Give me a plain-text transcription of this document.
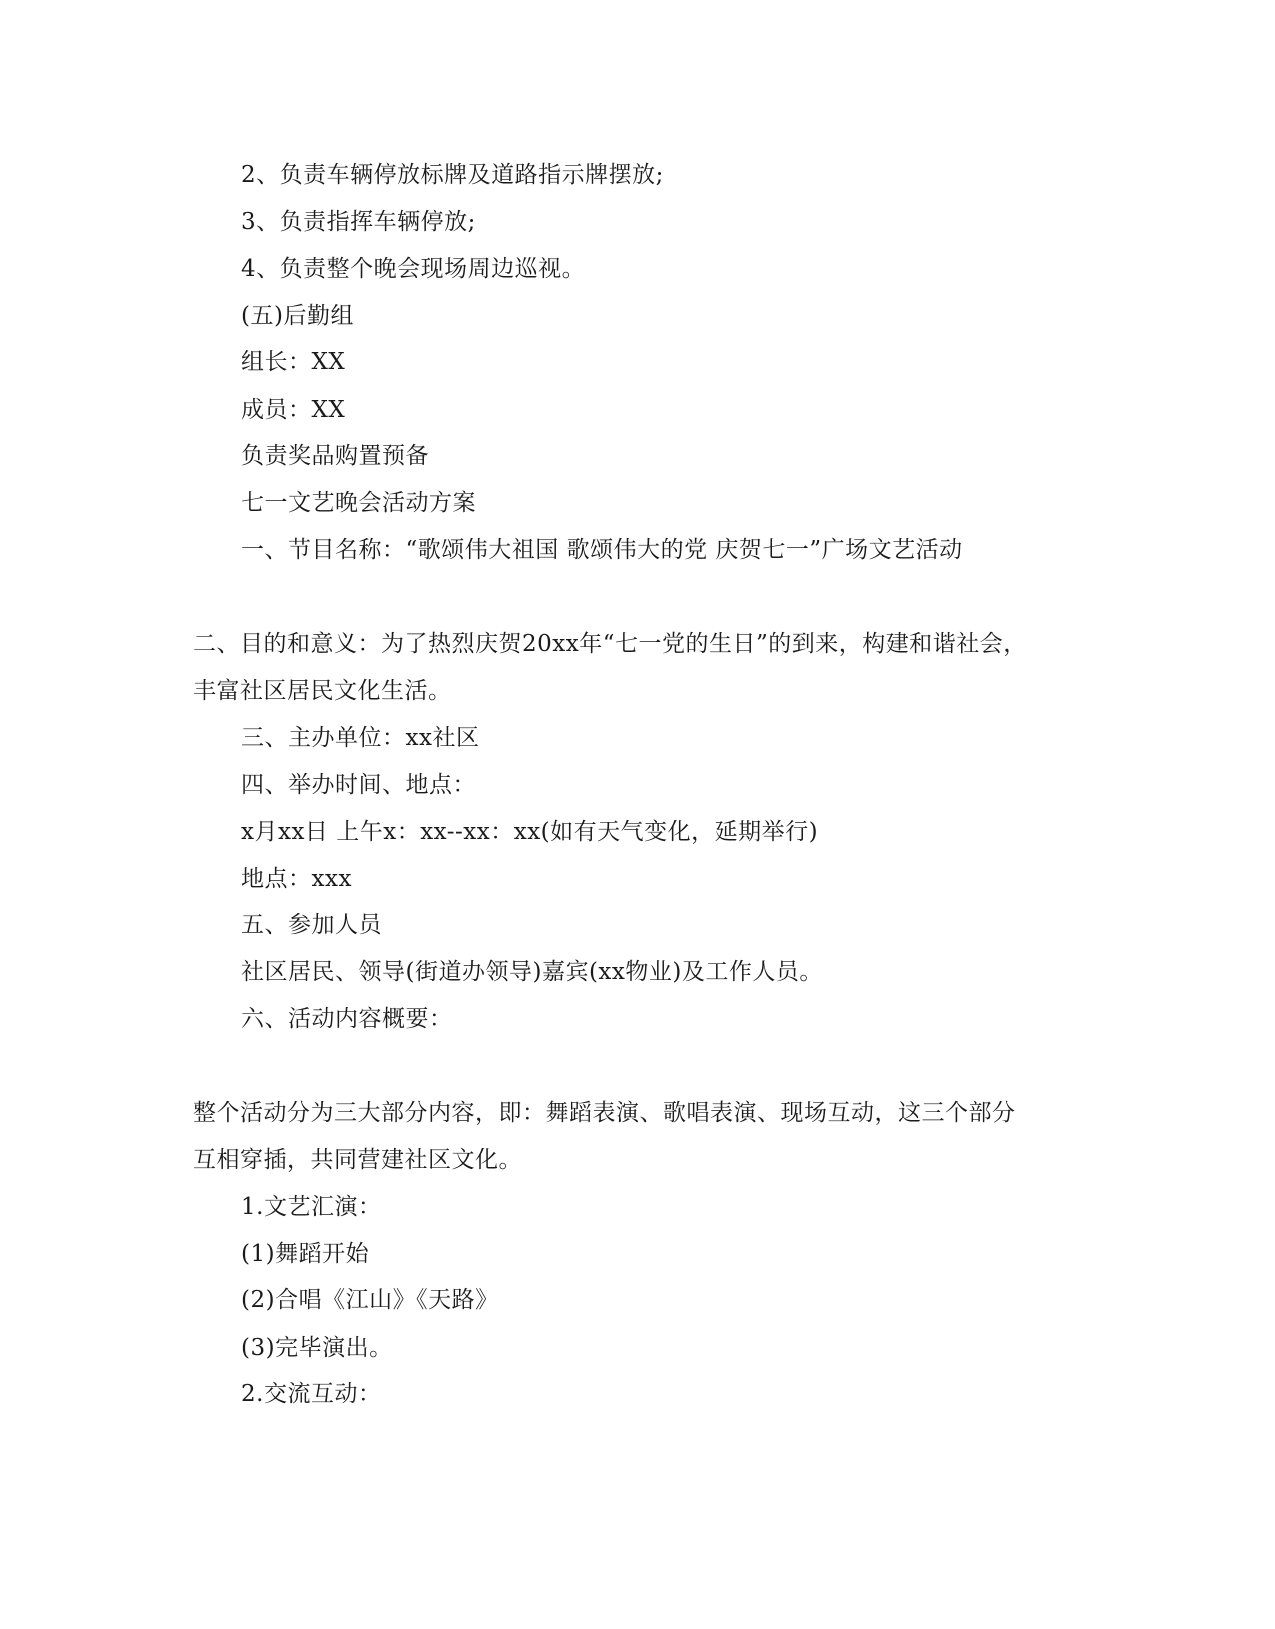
2、负责车辆停放标牌及道路指示牌摆放;
3、负责指挥车辆停放;
4、负责整个晚会现场周边巡视。
(五)后勤组
组长：XX
成员：XX
负责奖品购置预备
七一文艺晚会活动方案
一、节目名称：“歌颂伟大祖国 歌颂伟大的党 庆贺七一”广场文艺活动
二、目的和意义：为了热烈庆贺20xx年“七一党的生日”的到来，构建和谐社会，
丰富社区居民文化生活。
三、主办单位：xx社区
四、举办时间、地点：
x月xx日 上午x：xx--xx：xx(如有天气变化，延期举行)
地点：xxx
五、参加人员
社区居民、领导(街道办领导)嘉宾(xx物业)及工作人员。
六、活动内容概要：
整个活动分为三大部分内容，即：舞蹈表演、歌唱表演、现场互动，这三个部分
互相穿插，共同营建社区文化。
1.文艺汇演：
(1)舞蹈开始
(2)合唱《江山》《天路》
(3)完毕演出。
2.交流互动：
